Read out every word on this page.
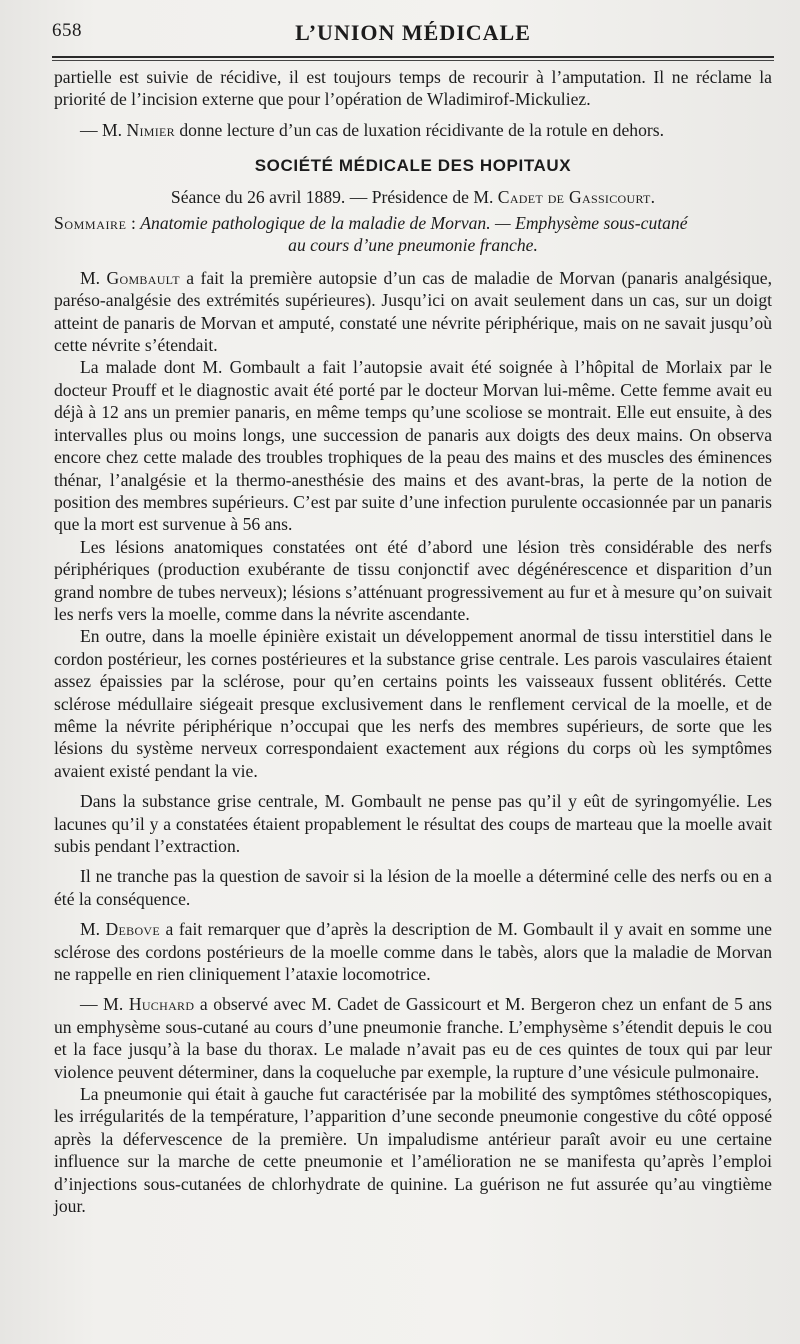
658	L’UNION MÉDICALE

partielle est suivie de récidive, il est toujours temps de recourir à l’amputation. Il ne réclame la priorité de l’incision externe que pour l’opération de Wladimirof-Mickuliez.

— M. Nimier donne lecture d’un cas de luxation récidivante de la rotule en dehors.

SOCIÉTÉ MÉDICALE DES HOPITAUX

Séance du 26 avril 1889. — Présidence de M. Cadet de Gassicourt.

Sommaire : Anatomie pathologique de la maladie de Morvan. — Emphysème sous-cutané

au cours d’une pneumonie franche.

M. Gombault a fait la première autopsie d’un cas de maladie de Morvan (panaris analgésique, paréso-analgésie des extrémités supérieures). Jusqu’ici on avait seulement dans un cas, sur un doigt atteint de panaris de Morvan et amputé, constaté une névrite périphérique, mais on ne savait jusqu’où cette névrite s’étendait.

La malade dont M. Gombault a fait l’autopsie avait été soignée à l’hôpital de Morlaix par le docteur Prouff et le diagnostic avait été porté par le docteur Morvan lui-même. Cette femme avait eu déjà à 12 ans un premier panaris, en même temps qu’une scoliose se montrait. Elle eut ensuite, à des intervalles plus ou moins longs, une succession de panaris aux doigts des deux mains. On observa encore chez cette malade des troubles trophiques de la peau des mains et des muscles des éminences thénar, l’analgésie et la thermo-anesthésie des mains et des avant-bras, la perte de la notion de position des membres supérieurs. C’est par suite d’une infection purulente occasionnée par un panaris que la mort est survenue à 56 ans.

Les lésions anatomiques constatées ont été d’abord une lésion très considérable des nerfs périphériques (production exubérante de tissu conjonctif avec dégénérescence et disparition d’un grand nombre de tubes nerveux); lésions s’atténuant progressivement au fur et à mesure qu’on suivait les nerfs vers la moelle, comme dans la névrite ascendante.

En outre, dans la moelle épinière existait un développement anormal de tissu interstitiel dans le cordon postérieur, les cornes postérieures et la substance grise centrale. Les parois vasculaires étaient assez épaissies par la sclérose, pour qu’en certains points les vaisseaux fussent oblitérés. Cette sclérose médullaire siégeait presque exclusivement dans le renflement cervical de la moelle, et de même la névrite périphérique n’occupai que les nerfs des membres supérieurs, de sorte que les lésions du système nerveux correspondaient exactement aux régions du corps où les symptômes avaient existé pendant la vie.

Dans la substance grise centrale, M. Gombault ne pense pas qu’il y eût de syringomyélie. Les lacunes qu’il y a constatées étaient propablement le résultat des coups de marteau que la moelle avait subis pendant l’extraction.

Il ne tranche pas la question de savoir si la lésion de la moelle a déterminé celle des nerfs ou en a été la conséquence.

M. Debove a fait remarquer que d’après la description de M. Gombault il y avait en somme une sclérose des cordons postérieurs de la moelle comme dans le tabès, alors que la maladie de Morvan ne rappelle en rien cliniquement l’ataxie locomotrice.

— M. Huchard a observé avec M. Cadet de Gassicourt et M. Bergeron chez un enfant de 5 ans un emphysème sous-cutané au cours d’une pneumonie franche. L’emphysème s’étendit depuis le cou et la face jusqu’à la base du thorax. Le malade n’avait pas eu de ces quintes de toux qui par leur violence peuvent déterminer, dans la coqueluche par exemple, la rupture d’une vésicule pulmonaire.

La pneumonie qui était à gauche fut caractérisée par la mobilité des symptômes stéthoscopiques, les irrégularités de la température, l’apparition d’une seconde pneumonie congestive du côté opposé après la défervescence de la première. Un impaludisme antérieur paraît avoir eu une certaine influence sur la marche de cette pneumonie et l’amélioration ne se manifesta qu’après l’emploi d’injections sous-cutanées de chlorhydrate de quinine. La guérison ne fut assurée qu’au vingtième jour.
